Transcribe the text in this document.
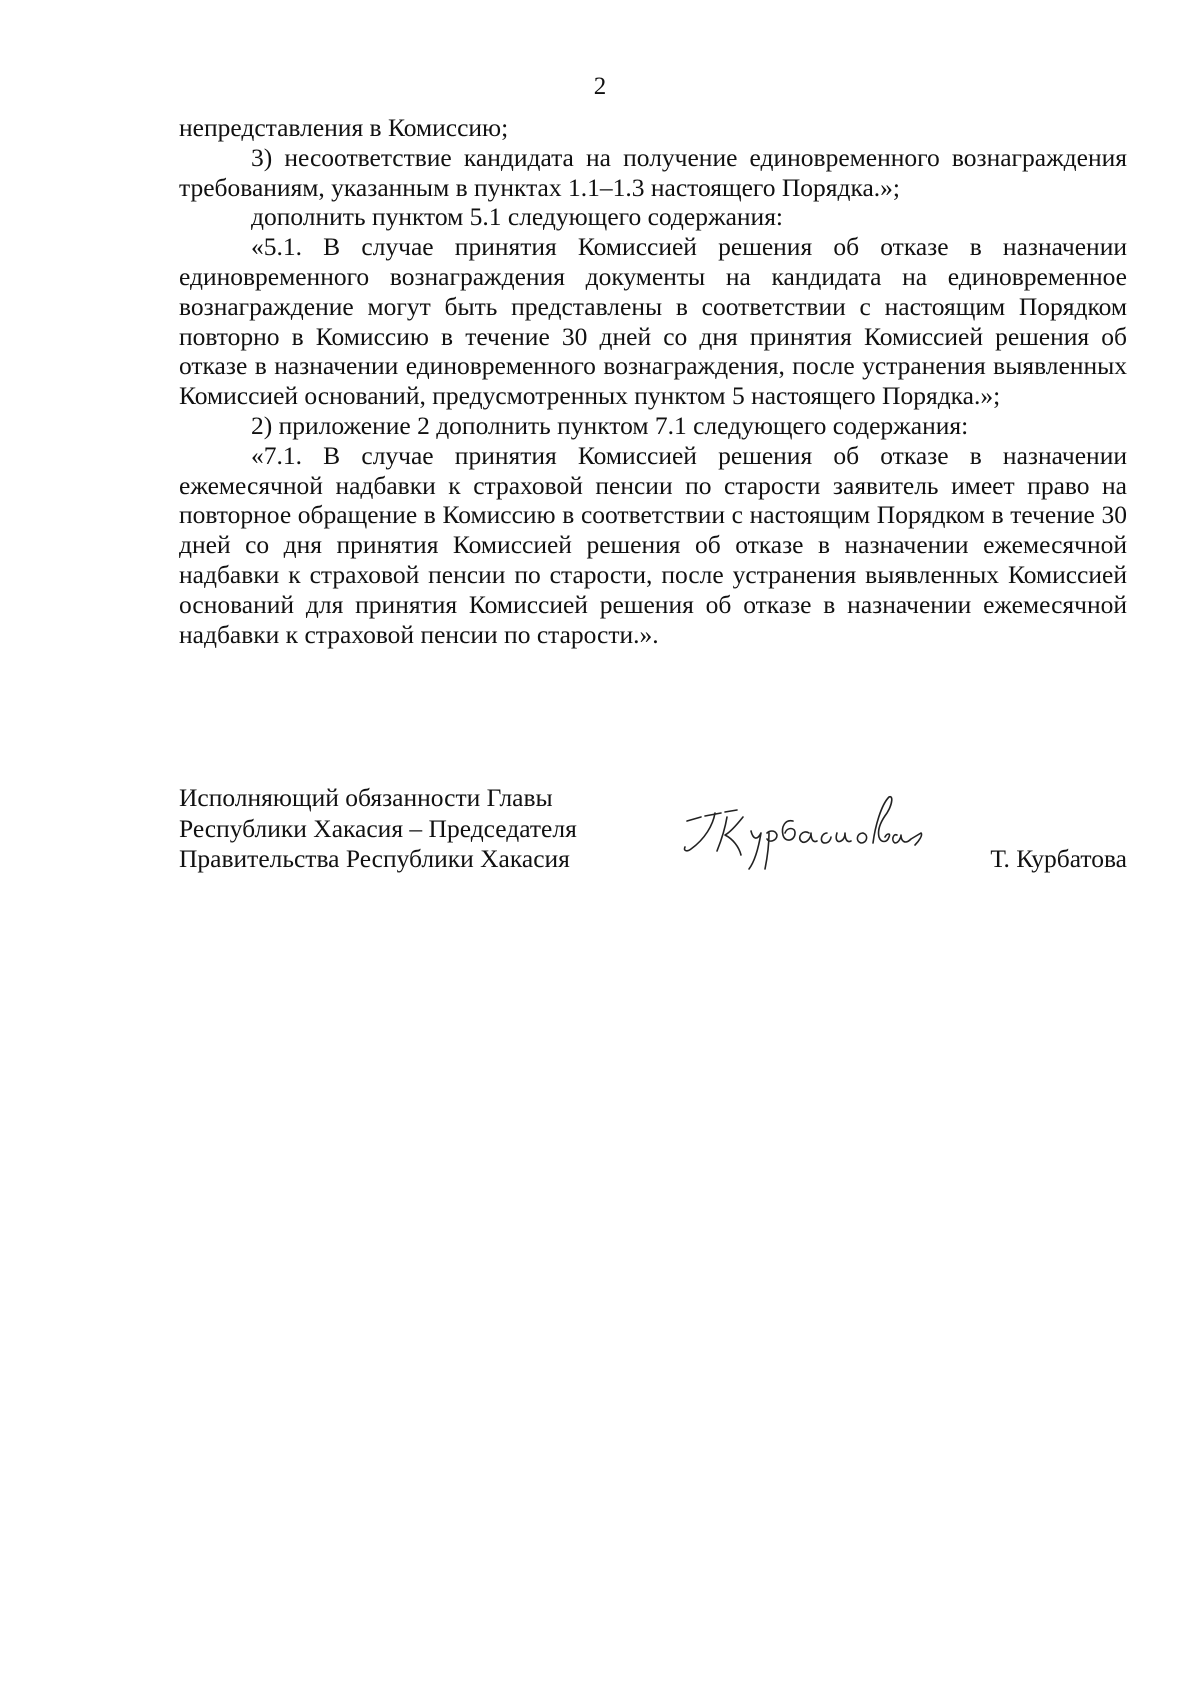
2

непредставления в Комиссию;

3) несоответствие кандидата на получение единовременного вознаграждения требованиям, указанным в пунктах 1.1–1.3 настоящего Порядка.»;

дополнить пунктом 5.1 следующего содержания:

«5.1. В случае принятия Комиссией решения об отказе в назначении единовременного вознаграждения документы на кандидата на единовременное вознаграждение могут быть представлены в соответствии с настоящим Порядком повторно в Комиссию в течение 30 дней со дня принятия Комиссией решения об отказе в назначении единовременного вознаграждения, после устранения выявленных Комиссией оснований, предусмотренных пунктом 5 настоящего Порядка.»;

2) приложение 2 дополнить пунктом 7.1 следующего содержания:

«7.1. В случае принятия Комиссией решения об отказе в назначении ежемесячной надбавки к страховой пенсии по старости заявитель имеет право на повторное обращение в Комиссию в соответствии с настоящим Порядком в течение 30 дней со дня принятия Комиссией решения об отказе в назначении ежемесячной надбавки к страховой пенсии по старости, после устранения выявленных Комиссией оснований для принятия Комиссией решения об отказе в назначении ежемесячной надбавки к страховой пенсии по старости.».

Исполняющий обязанности Главы
Республики Хакасия – Председателя
Правительства Республики Хакасия	Т. Курбатова
